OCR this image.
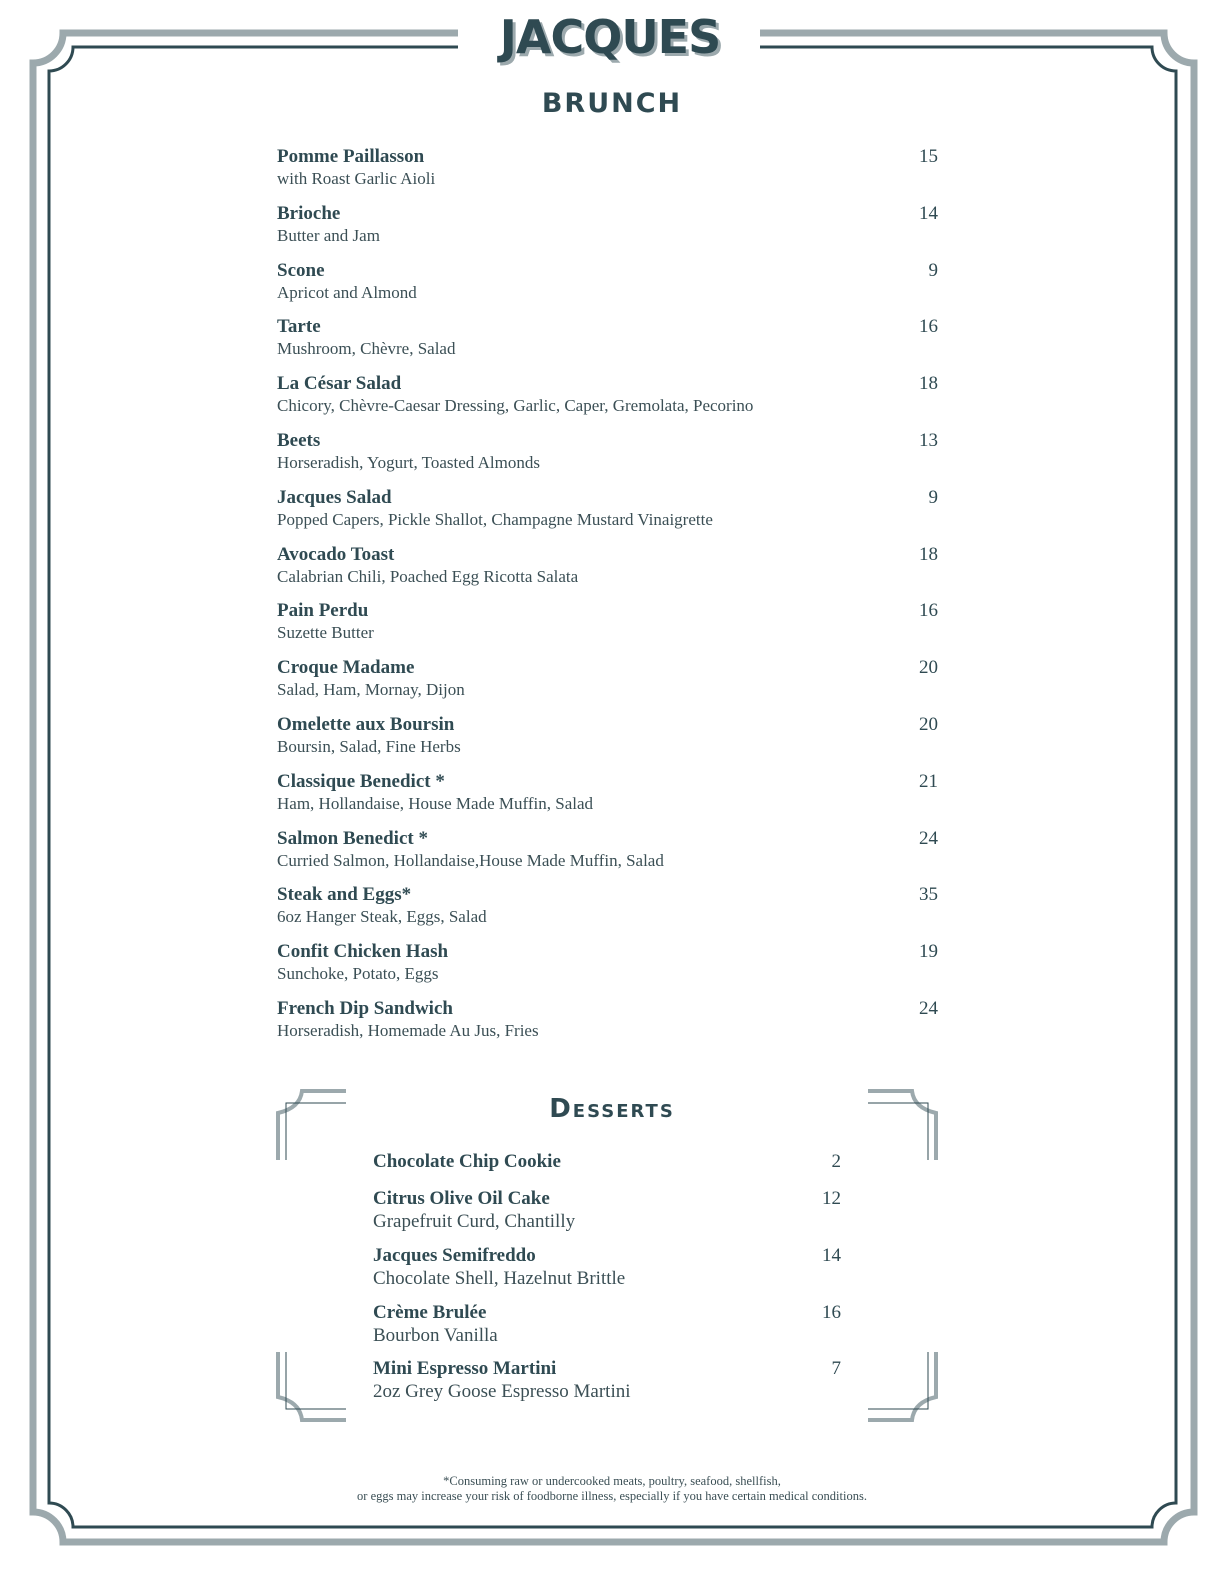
JACQUES
BRUNCH
Pomme Paillasson
with Roast Garlic Aioli
15
Brioche
Butter and Jam
14
Scone
Apricot and Almond
9
Tarte
Mushroom, Chèvre, Salad
16
La César Salad
Chicory, Chèvre-Caesar Dressing, Garlic, Caper, Gremolata, Pecorino
18
Beets
Horseradish, Yogurt, Toasted Almonds
13
Jacques Salad
Popped Capers, Pickle Shallot, Champagne Mustard Vinaigrette
9
Avocado Toast
Calabrian Chili, Poached Egg Ricotta Salata
18
Pain Perdu
Suzette Butter
16
Croque Madame
Salad, Ham, Mornay, Dijon
20
Omelette aux Boursin
Boursin, Salad, Fine Herbs
20
Classique Benedict *
Ham, Hollandaise, House Made Muffin, Salad
21
Salmon Benedict *
Curried Salmon, Hollandaise,House Made Muffin, Salad
24
Steak and Eggs*
6oz Hanger Steak, Eggs, Salad
35
Confit Chicken Hash
Sunchoke, Potato, Eggs
19
French Dip Sandwich
Horseradish, Homemade Au Jus, Fries
24
Desserts
Chocolate Chip Cookie	2
Citrus Olive Oil Cake
Grapefruit Curd, Chantilly
12
Jacques Semifreddo
Chocolate Shell, Hazelnut Brittle
14
Crème Brulée
Bourbon Vanilla
16
Mini Espresso Martini
2oz Grey Goose Espresso Martini
7
*Consuming raw or undercooked meats, poultry, seafood, shellfish,
or eggs may increase your risk of foodborne illness, especially if you have certain medical conditions.
